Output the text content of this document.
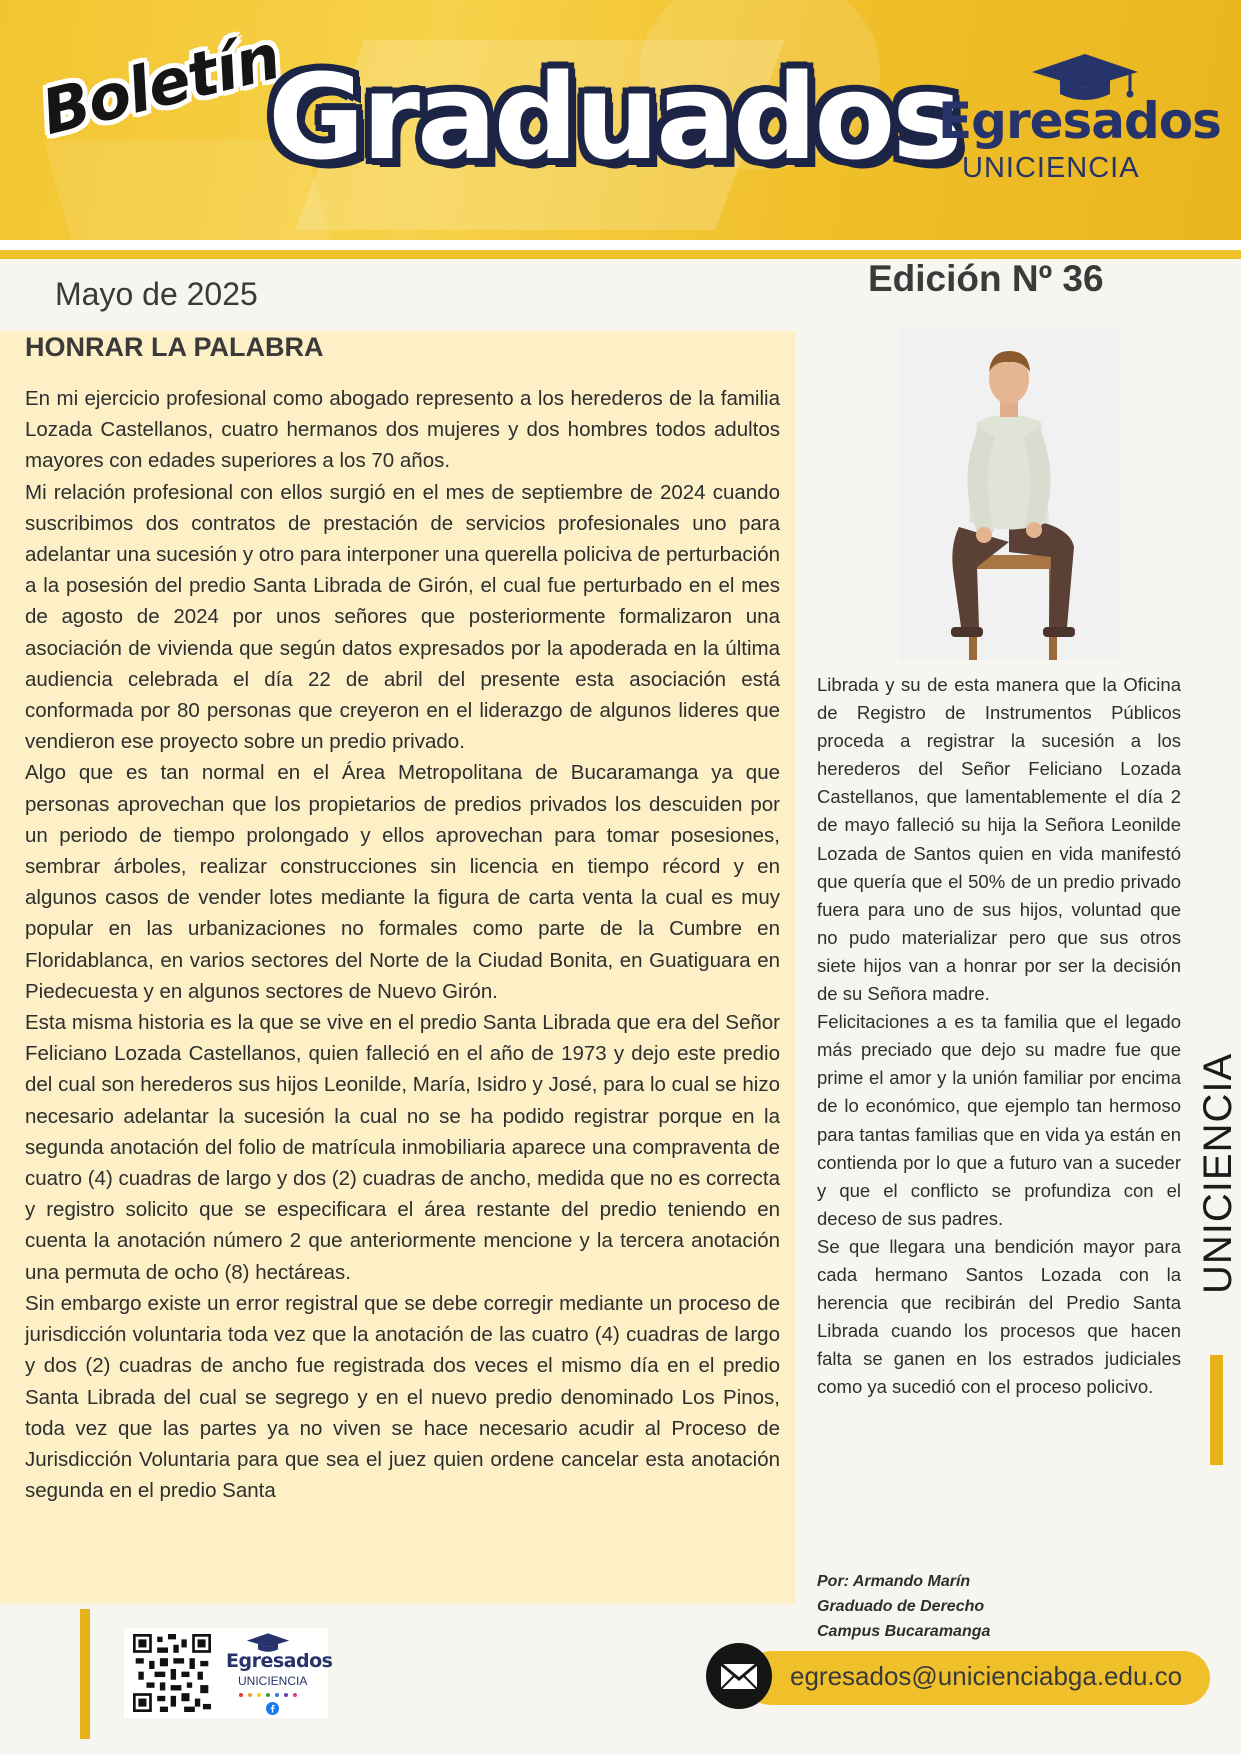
Boletín
Graduados
Egresados
UNICIENCIA
Mayo de 2025	Edición Nº 36
HONRAR LA PALABRA

En mi ejercicio profesional como abogado represento a los herederos de la familia Lozada Castellanos, cuatro hermanos dos mujeres y dos hombres todos adultos mayores con edades superiores a los 70 años.

Mi relación profesional con ellos surgió en el mes de septiembre de 2024 cuando suscribimos dos contratos de prestación de servicios profesionales uno para adelantar una sucesión y otro para interponer una querella policiva de perturbación a la posesión del predio Santa Librada de Girón, el cual fue perturbado en el mes de agosto de 2024 por unos señores que posteriormente formalizaron una asociación de vivienda que según datos expresados por la apoderada en la última audiencia celebrada el día 22 de abril del presente esta asociación está conformada por 80 personas que creyeron en el liderazgo de algunos lideres que vendieron ese proyecto sobre un predio privado.

Algo que es tan normal en el Área Metropolitana de Bucaramanga ya que personas aprovechan que los propietarios de predios privados los descuiden por un periodo de tiempo prolongado y ellos aprovechan para tomar posesiones, sembrar árboles, realizar construcciones sin licencia en tiempo récord y en algunos casos de vender lotes mediante la figura de carta venta la cual es muy popular en las urbanizaciones no formales como parte de la Cumbre en Floridablanca, en varios sectores del Norte de la Ciudad Bonita, en Guatiguara en Piedecuesta y en algunos sectores de Nuevo Girón.

Esta misma historia es la que se vive en el predio Santa Librada que era del Señor Feliciano Lozada Castellanos, quien falleció en el año de 1973 y dejo este predio del cual son herederos sus hijos Leonilde, María, Isidro y José, para lo cual se hizo necesario adelantar la sucesión la cual no se ha podido registrar porque en la segunda anotación del folio de matrícula inmobiliaria aparece una compraventa de cuatro (4) cuadras de largo y dos (2) cuadras de ancho, medida que no es correcta y registro solicito que se especificara el área restante del predio teniendo en cuenta la anotación número 2 que anteriormente mencione y la tercera anotación una permuta de ocho (8) hectáreas.

Sin embargo existe un error registral que se debe corregir mediante un proceso de jurisdicción voluntaria toda vez que la anotación de las cuatro (4) cuadras de largo y dos (2) cuadras de ancho fue registrada dos veces el mismo día en el predio Santa Librada del cual se segrego y en el nuevo predio denominado Los Pinos, toda vez que las partes ya no viven se hace necesario acudir al Proceso de Jurisdicción Voluntaria para que sea el juez quien ordene cancelar esta anotación segunda en el predio Santa

Librada y su de esta manera que la Oficina de Registro de Instrumentos Públicos proceda a registrar la sucesión a los herederos del Señor Feliciano Lozada Castellanos, que lamentablemente el día 2 de mayo falleció su hija la Señora Leonilde Lozada de Santos quien en vida manifestó que quería que el 50% de un predio privado fuera para uno de sus hijos, voluntad que no pudo materializar pero que sus otros siete hijos van a honrar por ser la decisión de su Señora madre.

Felicitaciones a es ta familia que el legado más preciado que dejo su madre fue que prime el amor y la unión familiar por encima de lo económico, que ejemplo tan hermoso para tantas familias que en vida ya están en contienda por lo que a futuro van a suceder y que el conflicto se profundiza con el deceso de sus padres.

Se que llegara una bendición mayor para cada hermano Santos Lozada con la herencia que recibirán del Predio Santa Librada cuando los procesos que hacen falta se ganen en los estrados judiciales como ya sucedió con el proceso policivo.

Por: Armando Marín
Graduado de Derecho
Campus Bucaramanga
UNICIENCIA
Egresados
UNICIENCIA	egresados@unicienciabga.edu.co
